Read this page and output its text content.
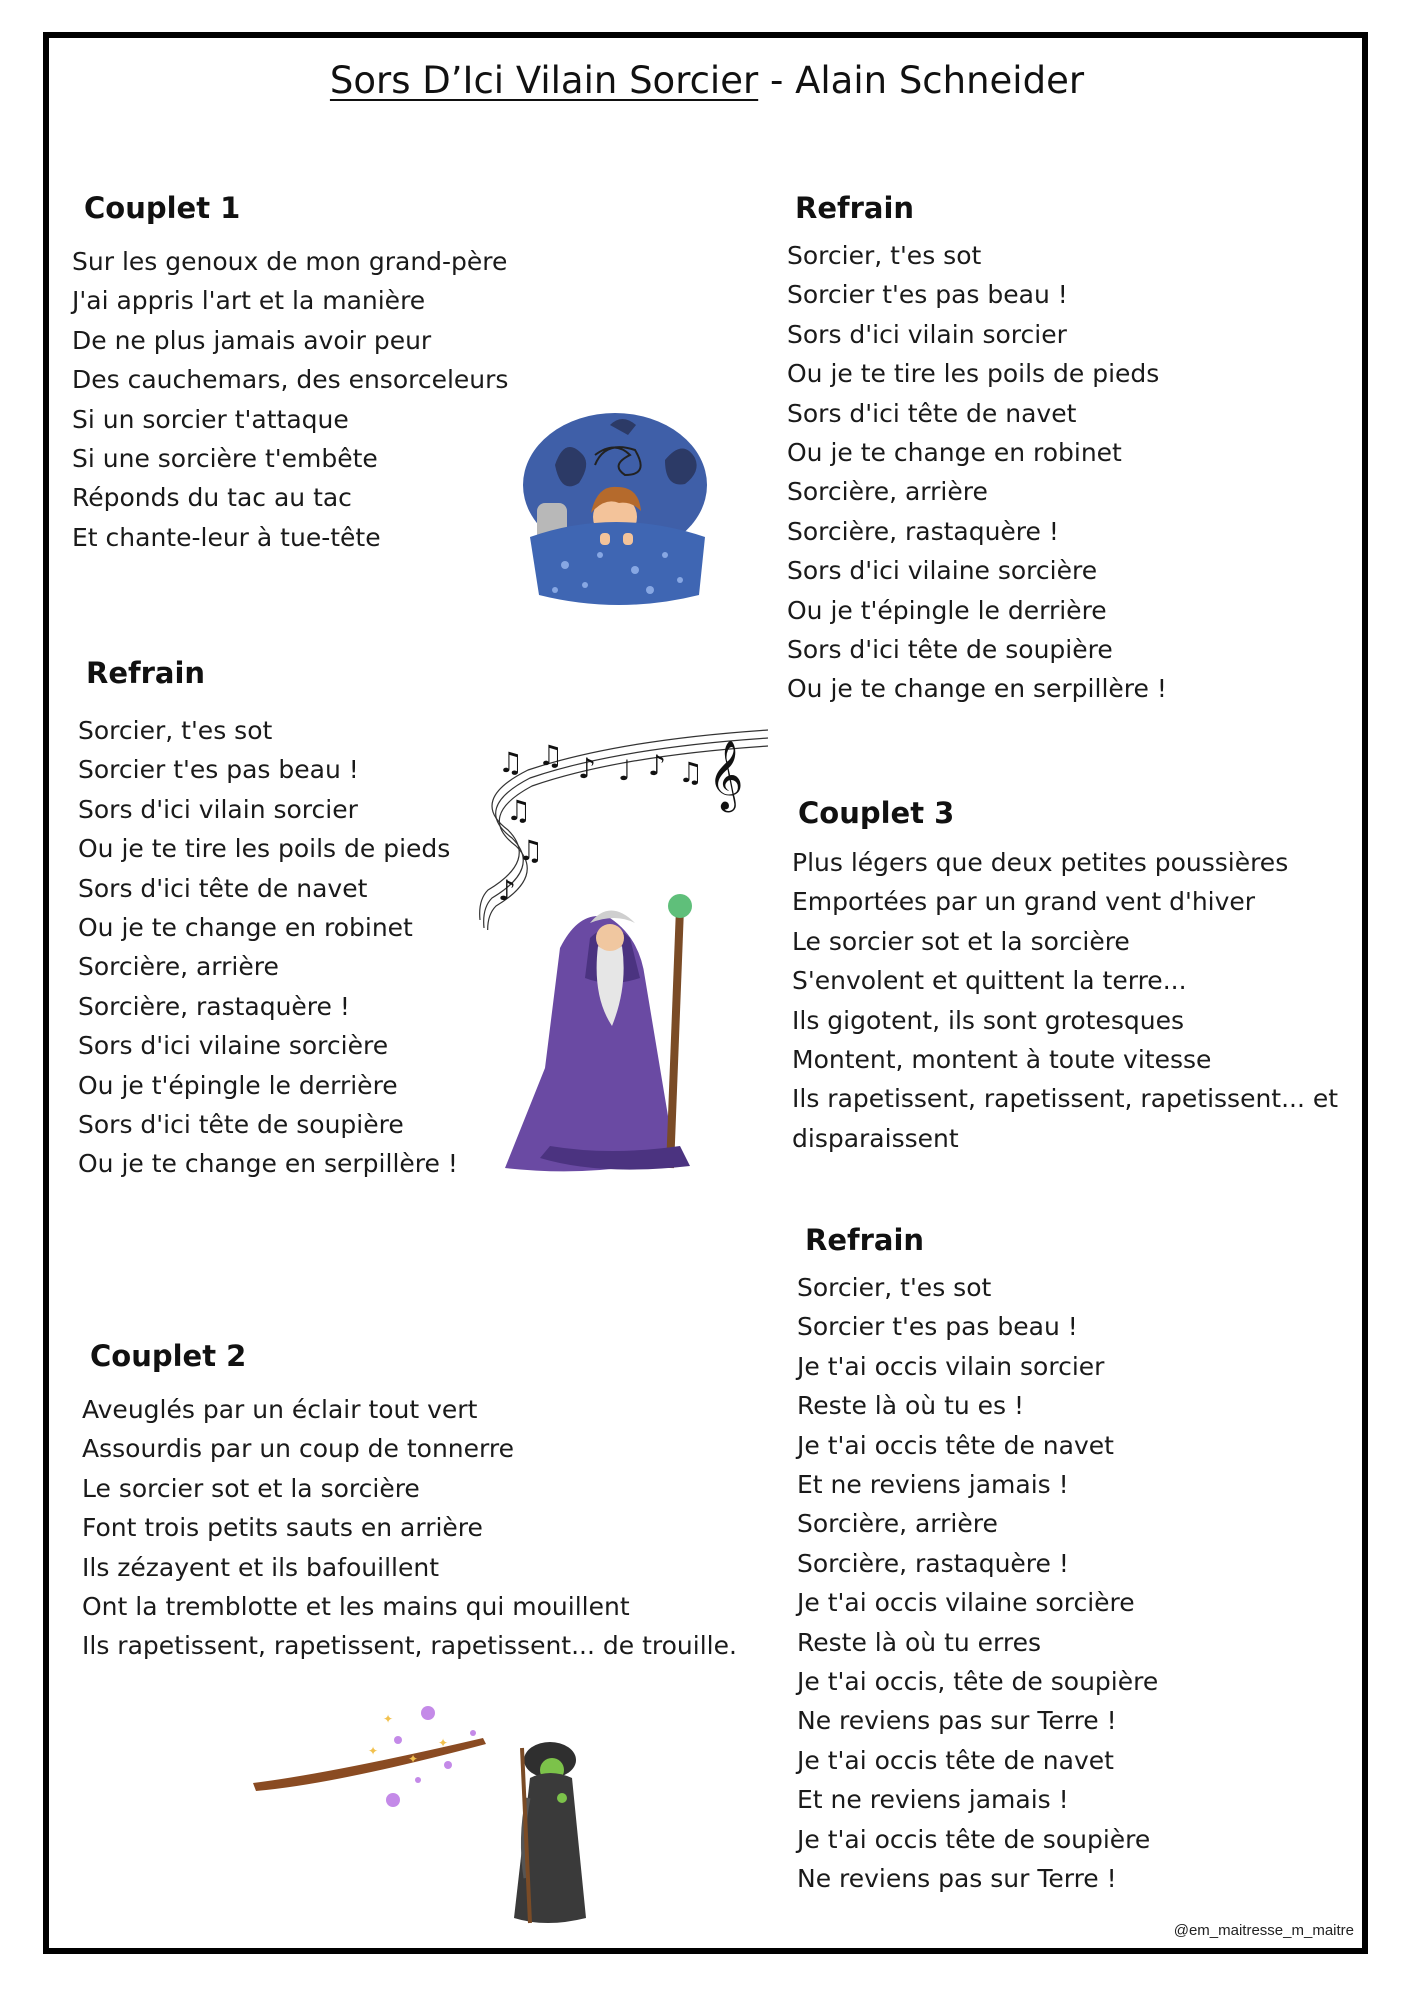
Sors D’Ici Vilain Sorcier - Alain Schneider
Couplet 1
Sur les genoux de mon grand-père
J'ai appris l'art et la manière
De ne plus jamais avoir peur
Des cauchemars, des ensorceleurs
Si un sorcier t'attaque
Si une sorcière t'embête
Réponds du tac au tac
Et chante-leur à tue-tête
Refrain
Sorcier, t'es sot
Sorcier t'es pas beau !
Sors d'ici vilain sorcier
Ou je te tire les poils de pieds
Sors d'ici tête de navet
Ou je te change en robinet
Sorcière, arrière
Sorcière, rastaquère !
Sors d'ici vilaine sorcière
Ou je t'épingle le derrière
Sors d'ici tête de soupière
Ou je te change en serpillère !
Couplet 2
Aveuglés par un éclair tout vert
Assourdis par un coup de tonnerre
Le sorcier sot et la sorcière
Font trois petits sauts en arrière
Ils zézayent et ils bafouillent
Ont la tremblotte et les mains qui mouillent
Ils rapetissent, rapetissent, rapetissent... de trouille.
Refrain
Sorcier, t'es sot
Sorcier t'es pas beau !
Sors d'ici vilain sorcier
Ou je te tire les poils de pieds
Sors d'ici tête de navet
Ou je te change en robinet
Sorcière, arrière
Sorcière, rastaquère !
Sors d'ici vilaine sorcière
Ou je t'épingle le derrière
Sors d'ici tête de soupière
Ou je te change en serpillère !
Couplet 3
Plus légers que deux petites poussières
Emportées par un grand vent d'hiver
Le sorcier sot et la sorcière
S'envolent et quittent la terre...
Ils gigotent, ils sont grotesques
Montent, montent à toute vitesse
Ils rapetissent, rapetissent, rapetissent... et
disparaissent
Refrain
Sorcier, t'es sot
Sorcier t'es pas beau !
Je t'ai occis vilain sorcier
Reste là où tu es !
Je t'ai occis tête de navet
Et ne reviens jamais !
Sorcière, arrière
Sorcière, rastaquère !
Je t'ai occis vilaine sorcière
Reste là où tu erres
Je t'ai occis, tête de soupière
Ne reviens pas sur Terre !
Je t'ai occis tête de navet
Et ne reviens jamais !
Je t'ai occis tête de soupière
Ne reviens pas sur Terre !
♫ ♫ ♪ ♩ ♪ ♫
♫
♫
♪
𝄞
✦
✦
✦
✦
@em_maitresse_m_maitre
